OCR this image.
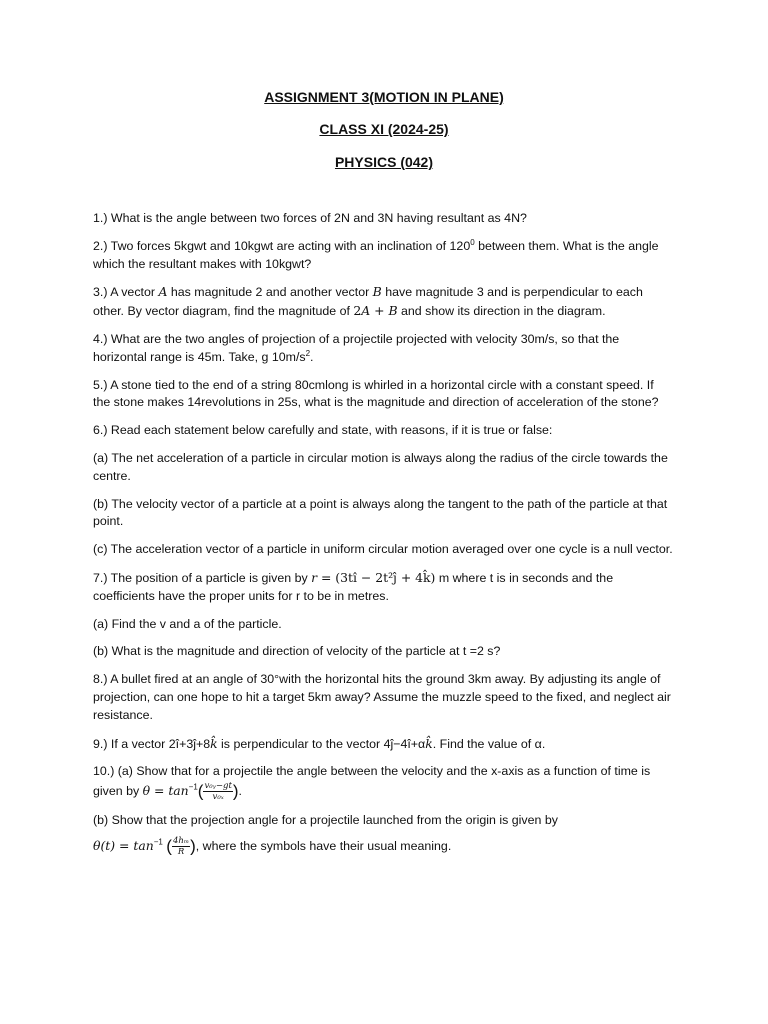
ASSIGNMENT 3(MOTION IN PLANE)
CLASS XI (2024-25)
PHYSICS (042)

1.) What is the angle between two forces of 2N and 3N having resultant as 4N?

2.) Two forces 5kgwt and 10kgwt are acting with an inclination of $120^0$ between them. What is the angle which the resultant makes with 10kgwt?

3.) A vector A has magnitude 2 and another vector B have magnitude 3 and is perpendicular to each other. By vector diagram, find the magnitude of 2A + B and show its direction in the diagram.

4.) What are the two angles of projection of a projectile projected with velocity 30m/s, so that the horizontal range is 45m. Take, g $10m/s^2$.

5.) A stone tied to the end of a string 80cmlong is whirled in a horizontal circle with a constant speed. If the stone makes 14revolutions in 25s, what is the magnitude and direction of acceleration of the stone?

6.) Read each statement below carefully and state, with reasons, if it is true or false:

(a) The net acceleration of a particle in circular motion is always along the radius of the circle towards the centre.

(b) The velocity vector of a particle at a point is always along the tangent to the path of the particle at that point.

(c) The acceleration vector of a particle in uniform circular motion averaged over one cycle is a null vector.

7.) The position of a particle is given by r = (3tî − 2t²ĵ + 4k̂) m where t is in seconds and the coefficients have the proper units for r to be in metres.

(a) Find the v and a of the particle.

(b) What is the magnitude and direction of velocity of the particle at t =2 s?

8.) A bullet fired at an angle of 30°with the horizontal hits the ground 3km away. By adjusting its angle of projection, can one hope to hit a target 5km away? Assume the muzzle speed to the fixed, and neglect air resistance.

9.) If a vector 2î+3ĵ+8k̂ is perpendicular to the vector 4ĵ−4î+αk̂. Find the value of α.

10.) (a) Show that for a projectile the angle between the velocity and the x-axis as a function of time is given by $\theta = \tan^{-1}( \frac{\text{v₀ᵧ−gt}}{\text{v₀ₓ}}$ ).

(b) Show that the projection angle for a projectile launched from the origin is given by

$\theta(t) = \tan^{-1}$ ( $\frac{\text{4hₘ}}{R}$ ), where the symbols have their usual meaning.
